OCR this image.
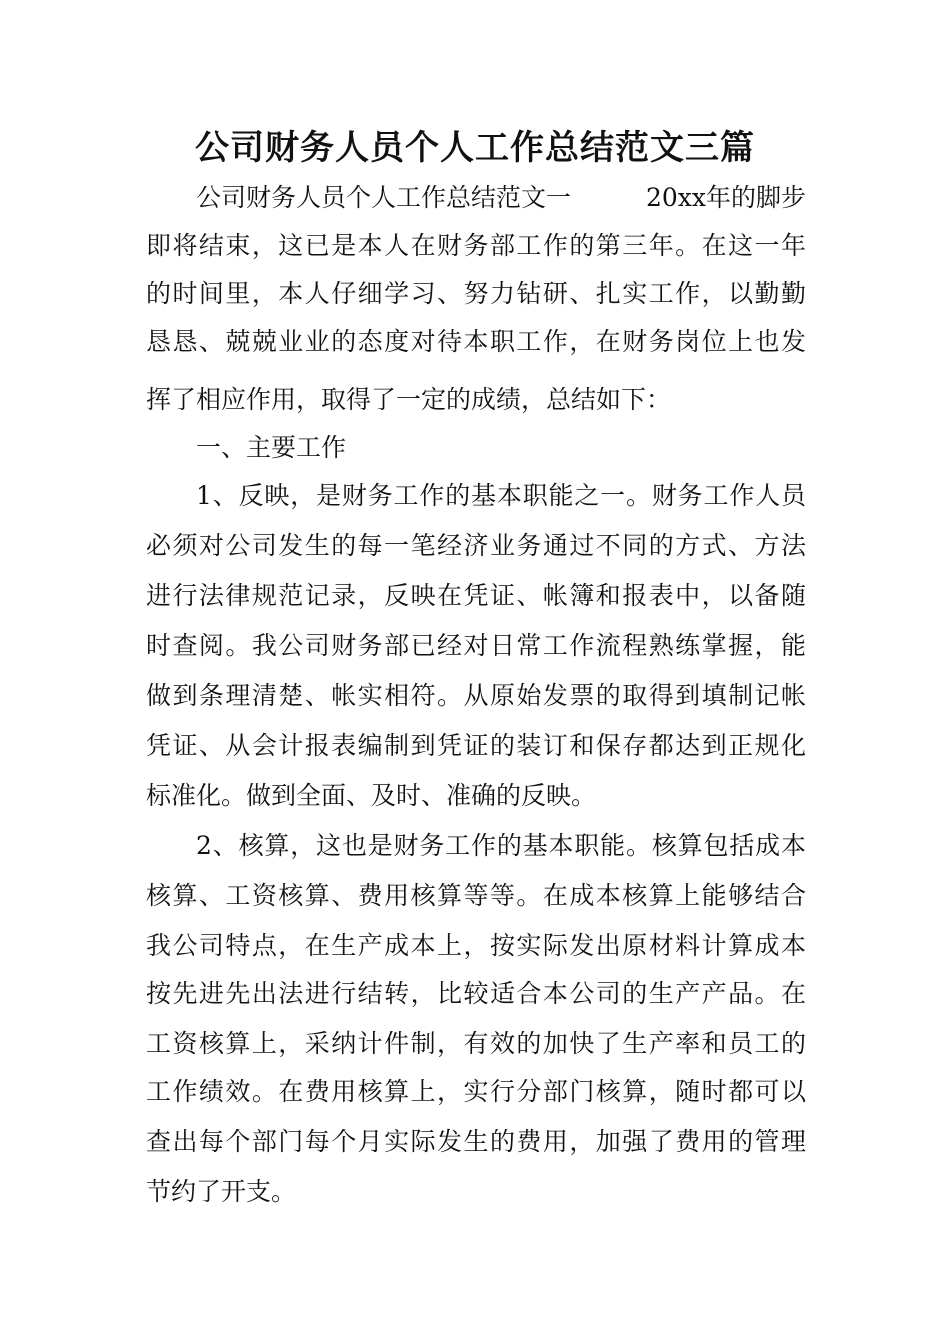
公司财务人员个人工作总结范文三篇
公司财务人员个人工作总结范文一	20xx年的脚步
即将结束，这已是本人在财务部工作的第三年。在这一年
的时间里，本人仔细学习、努力钻研、扎实工作，以勤勤
恳恳、兢兢业业的态度对待本职工作，在财务岗位上也发
挥了相应作用，取得了一定的成绩，总结如下：
一、主要工作
1、反映，是财务工作的基本职能之一。财务工作人员
必须对公司发生的每一笔经济业务通过不同的方式、方法
进行法律规范记录，反映在凭证、帐簿和报表中，以备随
时查阅。我公司财务部已经对日常工作流程熟练掌握，能
做到条理清楚、帐实相符。从原始发票的取得到填制记帐
凭证、从会计报表编制到凭证的装订和保存都达到正规化
标准化。做到全面、及时、准确的反映。
2、核算，这也是财务工作的基本职能。核算包括成本
核算、工资核算、费用核算等等。在成本核算上能够结合
我公司特点，在生产成本上，按实际发出原材料计算成本
按先进先出法进行结转，比较适合本公司的生产产品。在
工资核算上，采纳计件制，有效的加快了生产率和员工的
工作绩效。在费用核算上，实行分部门核算，随时都可以
查出每个部门每个月实际发生的费用，加强了费用的管理
节约了开支。
